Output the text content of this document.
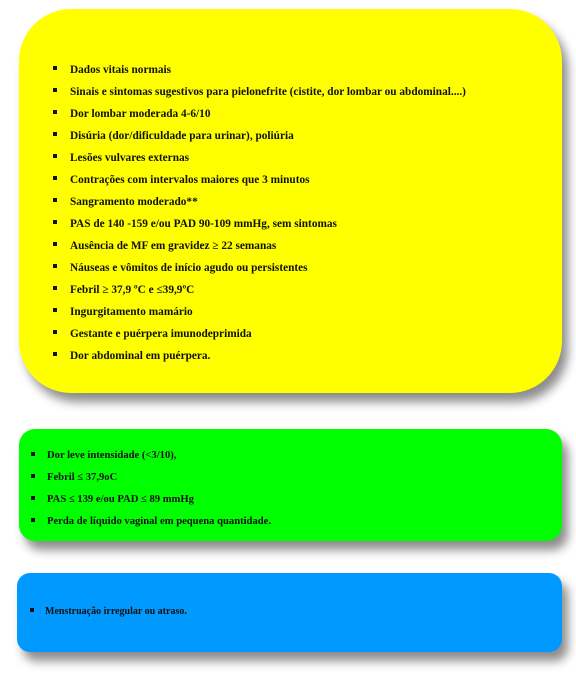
Dados vitais normais
Sinais e sintomas sugestivos para pielonefrite (cistite, dor lombar ou abdominal....)
Dor lombar moderada 4-6/10
Disúria (dor/dificuldade para urinar), poliúria
Lesões vulvares externas
Contrações com intervalos maiores que 3 minutos
Sangramento moderado**
PAS de 140 -159 e/ou PAD 90-109 mmHg, sem sintomas
Ausência de MF em gravidez ≥ 22 semanas
Náuseas e vômitos de início agudo ou persistentes
Febril ≥ 37,9 ºC e ≤39,9ºC
Ingurgitamento mamário
Gestante e puérpera imunodeprimida
Dor abdominal em puérpera.
Dor leve intensidade (<3/10),
Febril ≤ 37,9oC
PAS ≤ 139 e/ou PAD ≤ 89 mmHg
Perda de líquido vaginal em pequena quantidade.
Menstruação irregular ou atraso.
